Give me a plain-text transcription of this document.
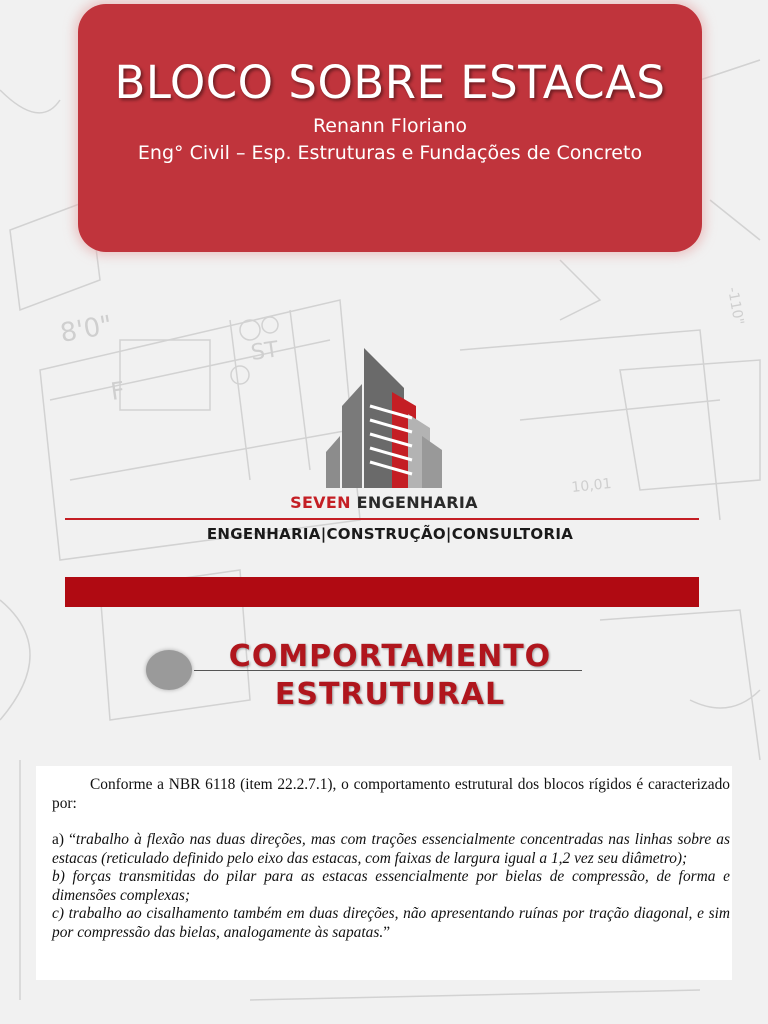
8'0"
F
ST
10,01
-110"
BLOCO SOBRE ESTACAS
Renann Floriano
Eng° Civil – Esp. Estruturas e Fundações de Concreto
SEVEN ENGENHARIA
ENGENHARIA|CONSTRUÇÃO|CONSULTORIA
COMPORTAMENTO
ESTRUTURAL

Conforme a NBR 6118 (item 22.2.7.1), o comportamento estrutural dos blocos rígidos é caracterizado por:

a) “trabalho à flexão nas duas direções, mas com trações essencialmente concentradas nas linhas sobre as estacas (reticulado definido pelo eixo das estacas, com faixas de largura igual a 1,2 vez seu diâmetro);

b) forças transmitidas do pilar para as estacas essencialmente por bielas de compressão, de forma e dimensões complexas;

c) trabalho ao cisalhamento também em duas direções, não apresentando ruínas por tração diagonal, e sim por compressão das bielas, analogamente às sapatas.”
